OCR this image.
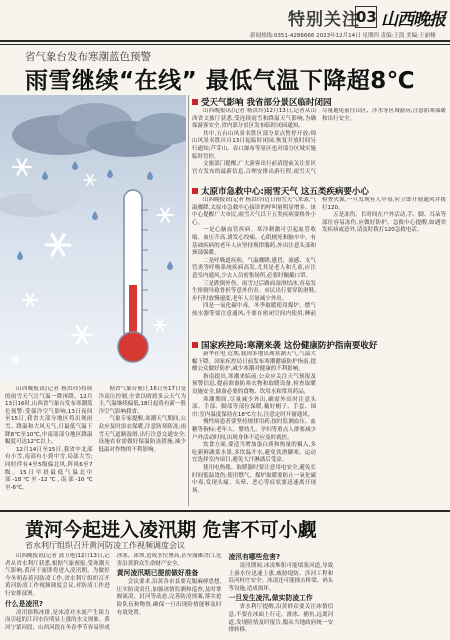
特别关注
03 山西晚报
新闻热线:0351-4286666 2023年12月14日 星期四 责编:王凯 美编:王丽栩
省气象台发布寒潮蓝色预警
雨雪继续“在线” 最低气温下降超8℃

山西晚报讯(记者 杨洪玲)持续的雨雪天气让气温一降再降。12月13日16时,山西省气象台发布寒潮蓝色预警:受强冷空气影响,13日夜间至15日,我省大部分地区将出现雨雪、降温和大风天气,日最低气温下降8℃至10℃,中南部部分地区降温幅度可达12℃以上。

12月14日至15日,我省中北部有小雪,南部有小到中雪,局部大雪;同时伴有4至5级偏北风,阵风6至7级。15日早晨最低气温北中部-18℃至-12℃,南部-10℃至-6℃。

据省气象台预计,16日至17日受冷高压控制,全省以晴到多云天气为主,气温继续偏低,18日起将有新一股冷空气影响我省。

气象专家提醒,寒潮天气期间,公众应及时添衣保暖,注意防寒防冻;雨雪天气道路湿滑,出行注意交通安全;设施农业需做好保温防冻措施,减少低温对作物的不利影响。

受天气影响 我省部分景区临时闭园

山西晚报讯(记者 杨洪玲)12月13日,记者从山西省文旅厅获悉,受连续雨雪和降温天气影响,为确保游客安全,省内部分景区发布临时闭园通知。

其中,五台山风景名胜区部分景点暂停开放;绵山风景名胜区自13日起临时闭园,恢复开放时间另行通知;芦芽山、壶口瀑布等景区也对部分区域实施临时管控。

文旅部门提醒,广大游客出行前请提前关注景区官方发布的最新信息,合理安排出游行程,雨雪天气尽量避免前往山区、涉水等区域游玩,注意防寒保暖和出行安全。

太原市急救中心:雨雪天气 这五类疾病要小心

山西晚报讯(记者 杨洪玲)近日雨雪天气来袭,气温骤降,太原市急救中心接诊的呼叫量明显增多。该中心提醒广大市民,雨雪天气以下五类疾病要格外小心。

一是心脑血管疾病。寒冷刺激可引起血管收缩、血压升高,诱发心绞痛、心肌梗死和脑卒中。有基础疾病的老年人应坚持规律服药,外出注意头部和颈部保暖。

二是呼吸道疾病。气温骤降,感冒、流感、支气管炎等呼吸系统疾病高发,尤其是老人和儿童,应注意室内通风,少去人员密集场所,必要时佩戴口罩。

三是跌倒外伤。雨雪过后路面湿滑结冰,容易发生摔倒导致骨折等意外伤害。市民出行要穿防滑鞋,步行时放慢速度,老年人尽量减少外出。

四是一氧化碳中毒。冬季取暖使用煤炉、燃气热水器等要注意通风,不要在密闭空间内使用,睡前检查火源,一旦发现有人中毒,应立即开窗通风并拨打120。

五是冻伤。长时间在户外活动,手、脚、耳朵等部位容易冻伤,应做好防护。急救中心提醒,如遇突发疾病或意外,请及时拨打120急救电话。

国家疾控局:寒潮来袭 这份健康防护指南要收好

新华社电 近期,我国多地出现寒潮天气,气温大幅下降。国家疾控局日前发布寒潮健康防护指南,提醒公众做好防护,减少寒潮对健康的不利影响。

指南提出,寒潮来临前,公众应关注天气预报及预警信息,提前准备防寒衣物和取暖设备,检查取暖设施安全,储备必要的食物、饮用水和常用药品。

寒潮期间,尽量减少外出,确需外出时注意头部、手部、脚部等部位保暖,戴好帽子、手套、围巾;室内温度保持在18℃左右,注意定时开窗通风。

慢性病患者要坚持规律用药,按时监测血压、血糖等指标;老年人、婴幼儿、孕妇等重点人群要减少户外活动时间,出现身体不适应及时就医。

饮食方面,要适当增加蛋白质和热量的摄入,多吃新鲜蔬菜水果,多饮温开水,避免饮酒御寒。运动宜选择室内项目,避免大汗淋漓后受凉。

使用电热毯、取暖器时要注意用电安全,避免长时间低温烫伤;使用燃气、煤炉取暖要防止一氧化碳中毒,发现头痛、头晕、恶心等症状要迅速离开现场。

黄河今起进入凌汛期 危害不可小觑
省水利厅组织召开黄河防凌工作视频调度会议

山西晚报讯(记者 郭卫艳)12月13日,记者从省水利厅获悉,根据气象预报,受寒潮天气影响,黄河干流即将进入凌汛期。为做好今冬明春黄河防凌工作,省水利厅组织召开黄河防凌工作视频调度会议,对防凌工作进行安排部署。

什么是凌汛?

凌汛俗称冰排,是冰凌对水流产生阻力而引起的江河水位明显上涨的水文现象。黄河宁蒙河段、山西河段在冬春季节容易形成冰塞、冰坝,造成水位壅高,甚至漫滩决口,危害沿黄群众生命财产安全。

黄河凌汛期已提前做好准备

会议要求,沿黄各市县要克服麻痹思想,压实防凌责任,加强冰情监测和巡查,及时掌握流凌、封河等动态,完善防凌预案,落实抢险队伍和物资,确保一旦出现险情能够及时有效处置。

凌汛有哪些危害?

凌汛期间,冰凌堆积可能堵塞河道,导致上游水位迅速上涨,威胁堤防、涉河工程和沿河村庄安全。冰凌还可能撞击桥梁、码头等设施,造成损坏。

一旦发生凌汛,做实防凌工作

省水利厅提醒,沿黄群众要关注冰情信息,不要在冰面上行走、滑冰、捕鱼,远离河道,发现险情及时报告,服从当地政府统一安排转移。
